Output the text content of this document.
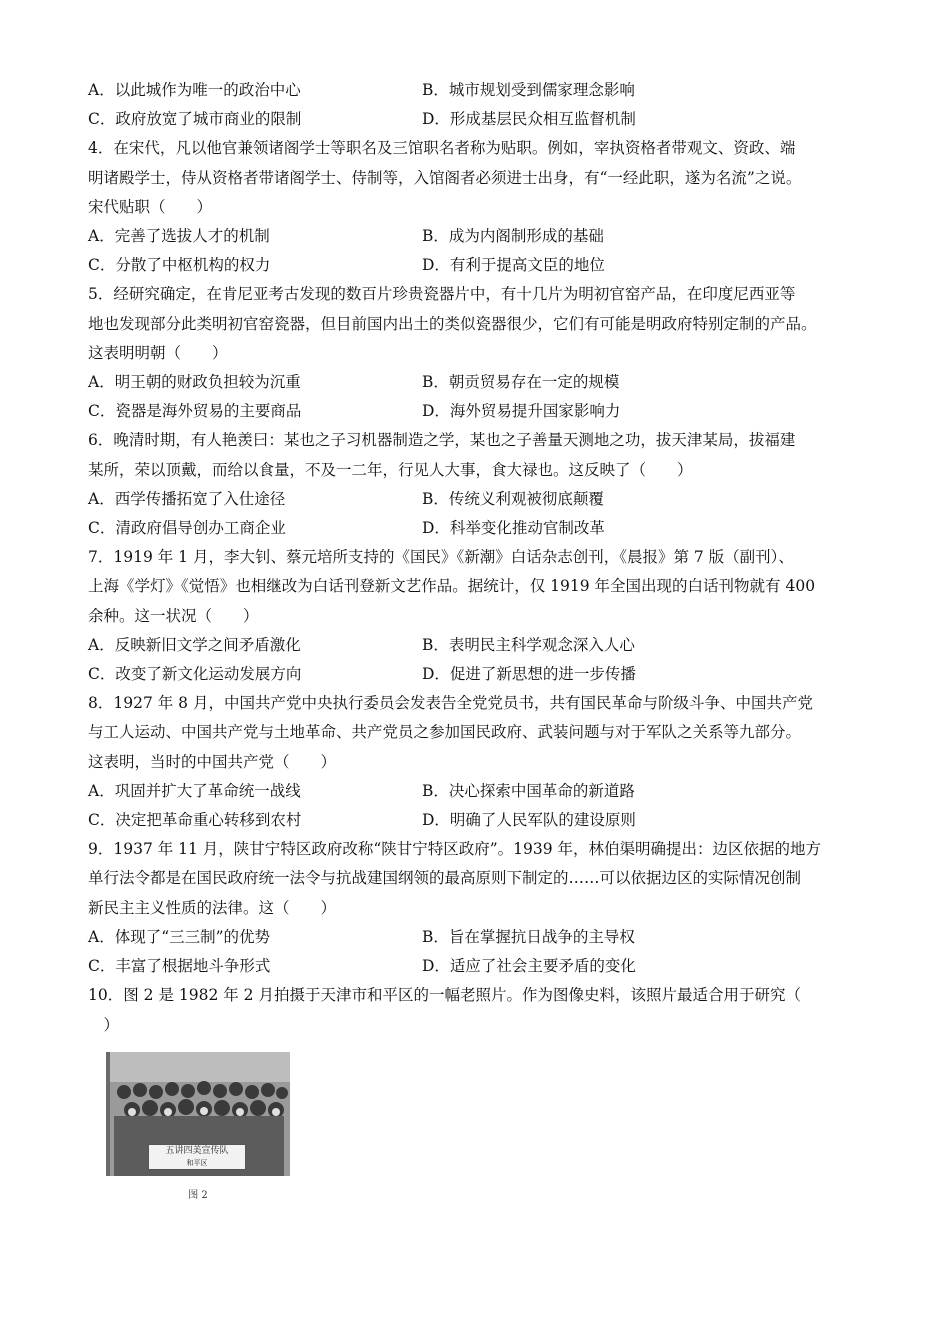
A．以此城作为唯一的政治中心	B．城市规划受到儒家理念影响
C．政府放宽了城市商业的限制	D．形成基层民众相互监督机制
4．在宋代，凡以他官兼领诸阁学士等职名及三馆职名者称为贴职。例如，宰执资格者带观文、资政、端
明诸殿学士，侍从资格者带诸阁学士、侍制等，入馆阁者必须进士出身，有“一经此职，遂为名流”之说。
宋代贴职（　　）
A．完善了选拔人才的机制	B．成为内阁制形成的基础
C．分散了中枢机构的权力	D．有利于提高文臣的地位
5．经研究确定，在肯尼亚考古发现的数百片珍贵瓷器片中，有十几片为明初官窑产品，在印度尼西亚等
地也发现部分此类明初官窑瓷器，但目前国内出土的类似瓷器很少，它们有可能是明政府特别定制的产品。
这表明明朝（　　）
A．明王朝的财政负担较为沉重	B．朝贡贸易存在一定的规模
C．瓷器是海外贸易的主要商品	D．海外贸易提升国家影响力
6．晚清时期，有人艳羡曰：某也之子习机器制造之学，某也之子善量天测地之功，拔天津某局，拔福建
某所，荣以顶戴，而给以食量，不及一二年，行见人大事，食大禄也。这反映了（　　）
A．西学传播拓宽了入仕途径	B．传统义利观被彻底颠覆
C．清政府倡导创办工商企业	D．科举变化推动官制改革
7．1919 年 1 月，李大钊、蔡元培所支持的《国民》《新潮》白话杂志创刊，《晨报》第 7 版（副刊）、
上海《学灯》《觉悟》也相继改为白话刊登新文艺作品。据统计，仅 1919 年全国出现的白话刊物就有 400
余种。这一状况（　　）
A．反映新旧文学之间矛盾激化	B．表明民主科学观念深入人心
C．改变了新文化运动发展方向	D．促进了新思想的进一步传播
8．1927 年 8 月，中国共产党中央执行委员会发表告全党党员书，共有国民革命与阶级斗争、中国共产党
与工人运动、中国共产党与土地革命、共产党员之参加国民政府、武装问题与对于军队之关系等九部分。
这表明，当时的中国共产党（　　）
A．巩固并扩大了革命统一战线	B．决心探索中国革命的新道路
C．决定把革命重心转移到农村	D．明确了人民军队的建设原则
9．1937 年 11 月，陕甘宁特区政府改称“陕甘宁特区政府”。1939 年，林伯渠明确提出：边区依据的地方
单行法令都是在国民政府统一法令与抗战建国纲领的最高原则下制定的……可以依据边区的实际情况创制
新民主主义性质的法律。这（　　）
A．体现了“三三制”的优势	B．旨在掌握抗日战争的主导权
C．丰富了根据地斗争形式	D．适应了社会主要矛盾的变化
10．图 2 是 1982 年 2 月拍摄于天津市和平区的一幅老照片。作为图像史料，该照片最适合用于研究（
　）
五讲四美宣传队
和平区
图 2
